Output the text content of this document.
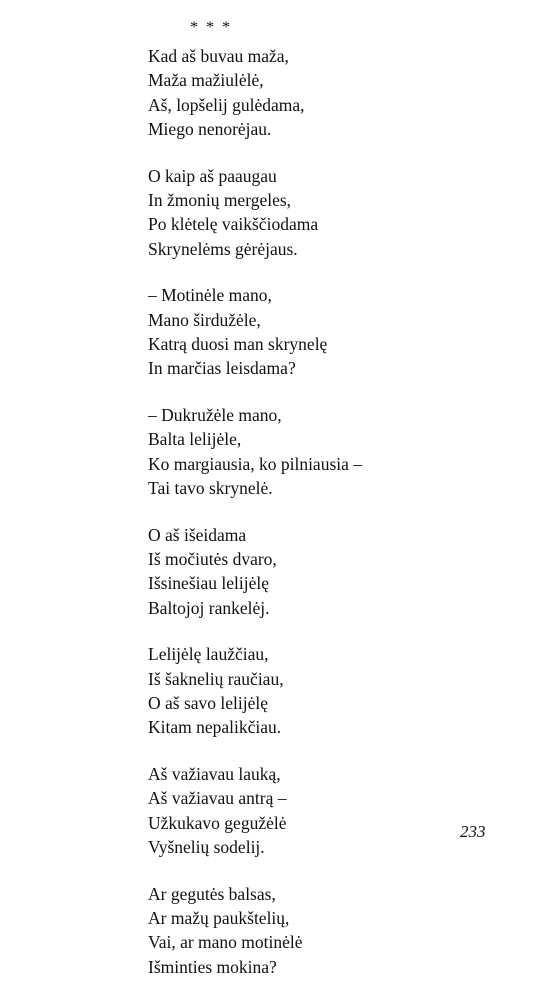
* * *
Kad aš buvau maža,
Maža mažiulėlė,
Aš, lopšelij gulėdama,
Miego nenorėjau.
O kaip aš paaugau
In žmonių mergeles,
Po klėtelę vaikščiodama
Skrynelėms gėrėjaus.
– Motinėle mano,
Mano širdužėle,
Katrą duosi man skrynelę
In marčias leisdama?
– Dukružėle mano,
Balta lelijėle,
Ko margiausia, ko pilniausia –
Tai tavo skrynelė.
O aš išeidama
Iš močiutės dvaro,
Išsinešiau lelijėlę
Baltojoj rankelėj.
Lelijėlę laužčiau,
Iš šaknelių raučiau,
O aš savo lelijėlę
Kitam nepalikčiau.
Aš važiavau lauką,
Aš važiavau antrą –
Užkukavo gegužėlė
Vyšnelių sodelij.
Ar gegutės balsas,
Ar mažų paukštelių,
Vai, ar mano motinėlė
Išminties mokina?
233
